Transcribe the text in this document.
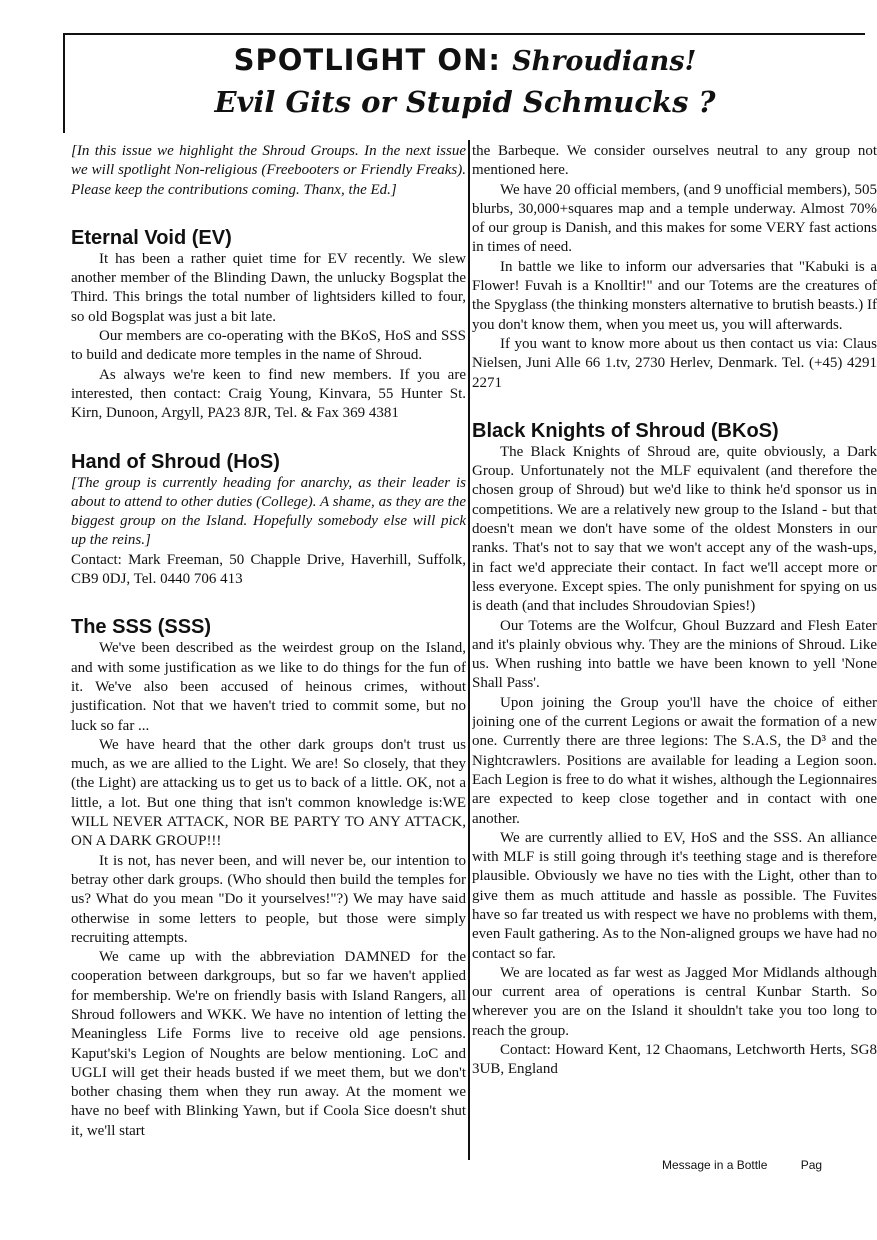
SPOTLIGHT ON: Shroudians!
Evil Gits or Stupid Schmucks ?

[In this issue we highlight the Shroud Groups. In the next issue we will spotlight Non-religious (Freebooters or Friendly Freaks). Please keep the contributions coming. Thanx, the Ed.]

Eternal Void (EV)

It has been a rather quiet time for EV recently. We slew another member of the Blinding Dawn, the unlucky Bogsplat the Third. This brings the total number of lightsiders killed to four, so old Bogsplat was just a bit late.

Our members are co-operating with the BKoS, HoS and SSS to build and dedicate more temples in the name of Shroud.

As always we're keen to find new members. If you are interested, then contact: Craig Young, Kinvara, 55 Hunter St. Kirn, Dunoon, Argyll, PA23 8JR, Tel. & Fax 369 4381

Hand of Shroud (HoS)

[The group is currently heading for anarchy, as their leader is about to attend to other duties (College). A shame, as they are the biggest group on the Island. Hopefully somebody else will pick up the reins.]

Contact: Mark Freeman, 50 Chapple Drive, Haverhill, Suffolk, CB9 0DJ, Tel. 0440 706 413

The SSS (SSS)

We've been described as the weirdest group on the Island, and with some justification as we like to do things for the fun of it. We've also been accused of heinous crimes, without justification. Not that we haven't tried to commit some, but no luck so far ...

We have heard that the other dark groups don't trust us much, as we are allied to the Light. We are! So closely, that they (the Light) are attacking us to get us to back of a little. OK, not a little, a lot. But one thing that isn't common knowledge is:WE WILL NEVER ATTACK, NOR BE PARTY TO ANY ATTACK, ON A DARK GROUP!!!

It is not, has never been, and will never be, our intention to betray other dark groups. (Who should then build the temples for us? What do you mean "Do it yourselves!"?) We may have said otherwise in some letters to people, but those were simply recruiting attempts.

We came up with the abbreviation DAMNED for the cooperation between darkgroups, but so far we haven't applied for membership. We're on friendly basis with Island Rangers, all Shroud followers and WKK. We have no intention of letting the Meaningless Life Forms live to receive old age pensions. Kaput'ski's Legion of Noughts are below mentioning. LoC and UGLI will get their heads busted if we meet them, but we don't bother chasing them when they run away. At the moment we have no beef with Blinking Yawn, but if Coola Sice doesn't shut it, we'll start

the Barbeque. We consider ourselves neutral to any group not mentioned here.

We have 20 official members, (and 9 unofficial members), 505 blurbs, 30,000+squares map and a temple underway. Almost 70% of our group is Danish, and this makes for some VERY fast actions in times of need.

In battle we like to inform our adversaries that "Kabuki is a Flower! Fuvah is a Knolltir!" and our Totems are the creatures of the Spyglass (the thinking monsters alternative to brutish beasts.) If you don't know them, when you meet us, you will afterwards.

If you want to know more about us then contact us via: Claus Nielsen, Juni Alle 66 1.tv, 2730 Herlev, Denmark. Tel. (+45) 4291 2271

Black Knights of Shroud (BKoS)

The Black Knights of Shroud are, quite obviously, a Dark Group. Unfortunately not the MLF equivalent (and therefore the chosen group of Shroud) but we'd like to think he'd sponsor us in competitions. We are a relatively new group to the Island - but that doesn't mean we don't have some of the oldest Monsters in our ranks. That's not to say that we won't accept any of the wash-ups, in fact we'd appreciate their contact. In fact we'll accept more or less everyone. Except spies. The only punishment for spying on us is death (and that includes Shroudovian Spies!)

Our Totems are the Wolfcur, Ghoul Buzzard and Flesh Eater and it's plainly obvious why. They are the minions of Shroud. Like us. When rushing into battle we have been known to yell 'None Shall Pass'.

Upon joining the Group you'll have the choice of either joining one of the current Legions or await the formation of a new one. Currently there are three legions: The S.A.S, the D³ and the Nightcrawlers. Positions are available for leading a Legion soon. Each Legion is free to do what it wishes, although the Legionnaires are expected to keep close together and in contact with one another.

We are currently allied to EV, HoS and the SSS. An alliance with MLF is still going through it's teething stage and is therefore plausible. Obviously we have no ties with the Light, other than to give them as much attitude and hassle as possible. The Fuvites have so far treated us with respect we have no problems with them, even Fault gathering. As to the Non-aligned groups we have had no contact so far.

We are located as far west as Jagged Mor Midlands although our current area of operations is central Kunbar Starth. So wherever you are on the Island it shouldn't take you too long to reach the group.

Contact: Howard Kent, 12 Chaomans, Letchworth Herts, SG8 3UB, England

Message in a Bottle	Pag
